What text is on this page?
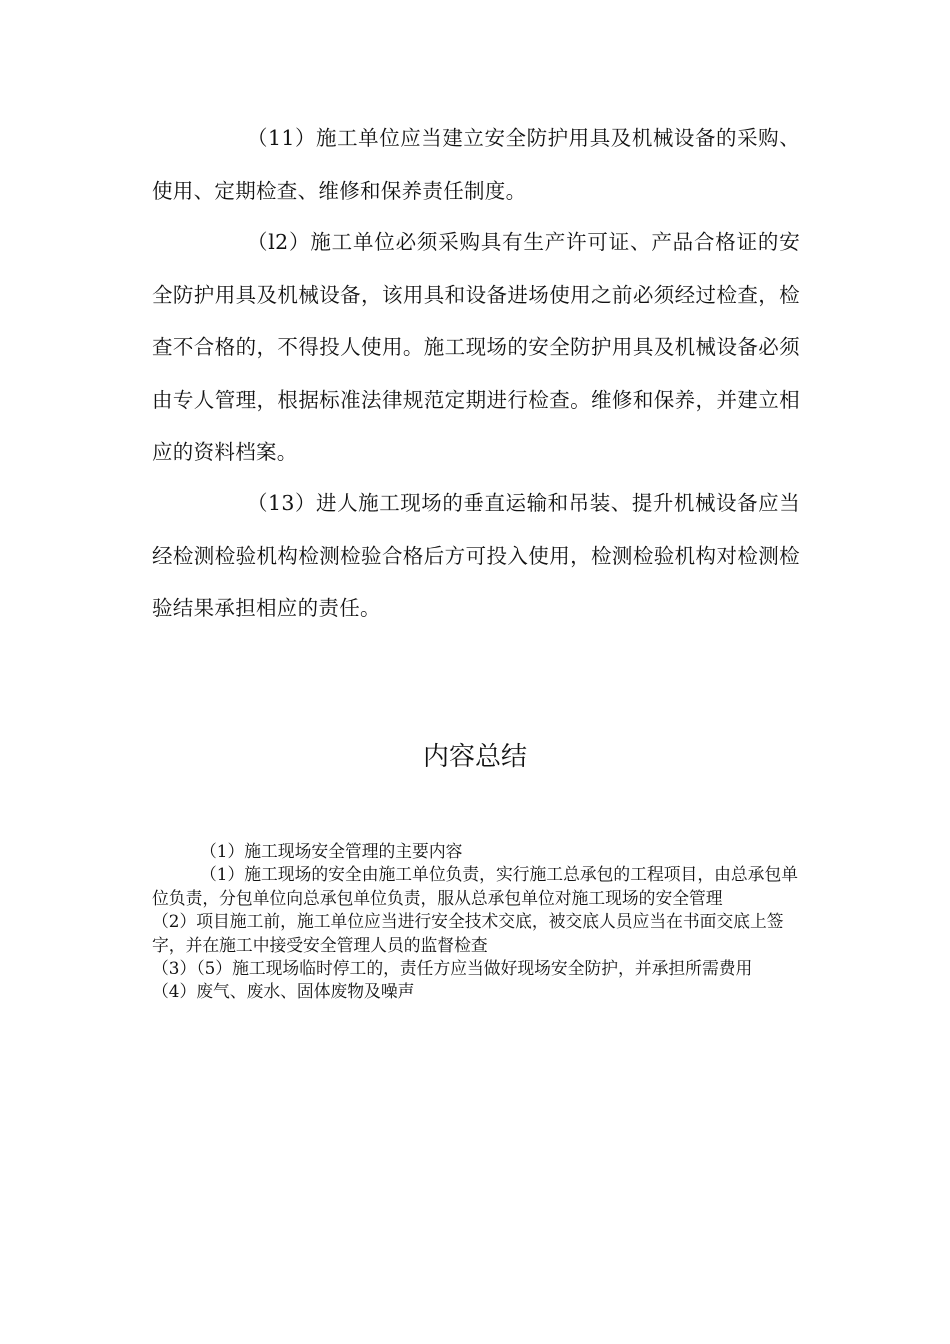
（11）施工单位应当建立安全防护用具及机械设备的采购、使用、定期检查、维修和保养责任制度。

（l2）施工单位必须采购具有生产许可证、产品合格证的安全防护用具及机械设备，该用具和设备进场使用之前必须经过检查，检查不合格的，不得投人使用。施工现场的安全防护用具及机械设备必须由专人管理，根据标准法律规范定期进行检查。维修和保养，并建立相应的资料档案。

（13）进人施工现场的垂直运输和吊装、提升机械设备应当经检测检验机构检测检验合格后方可投入使用，检测检验机构对检测检验结果承担相应的责任。

内容总结

（1）施工现场安全管理的主要内容

（1）施工现场的安全由施工单位负责，实行施工总承包的工程项目，由总承包单位负责，分包单位向总承包单位负责，服从总承包单位对施工现场的安全管理

（2）项目施工前，施工单位应当进行安全技术交底，被交底人员应当在书面交底上签字，并在施工中接受安全管理人员的监督检查

（3）（5）施工现场临时停工的，责任方应当做好现场安全防护，并承担所需费用

（4）废气、废水、固体废物及噪声
